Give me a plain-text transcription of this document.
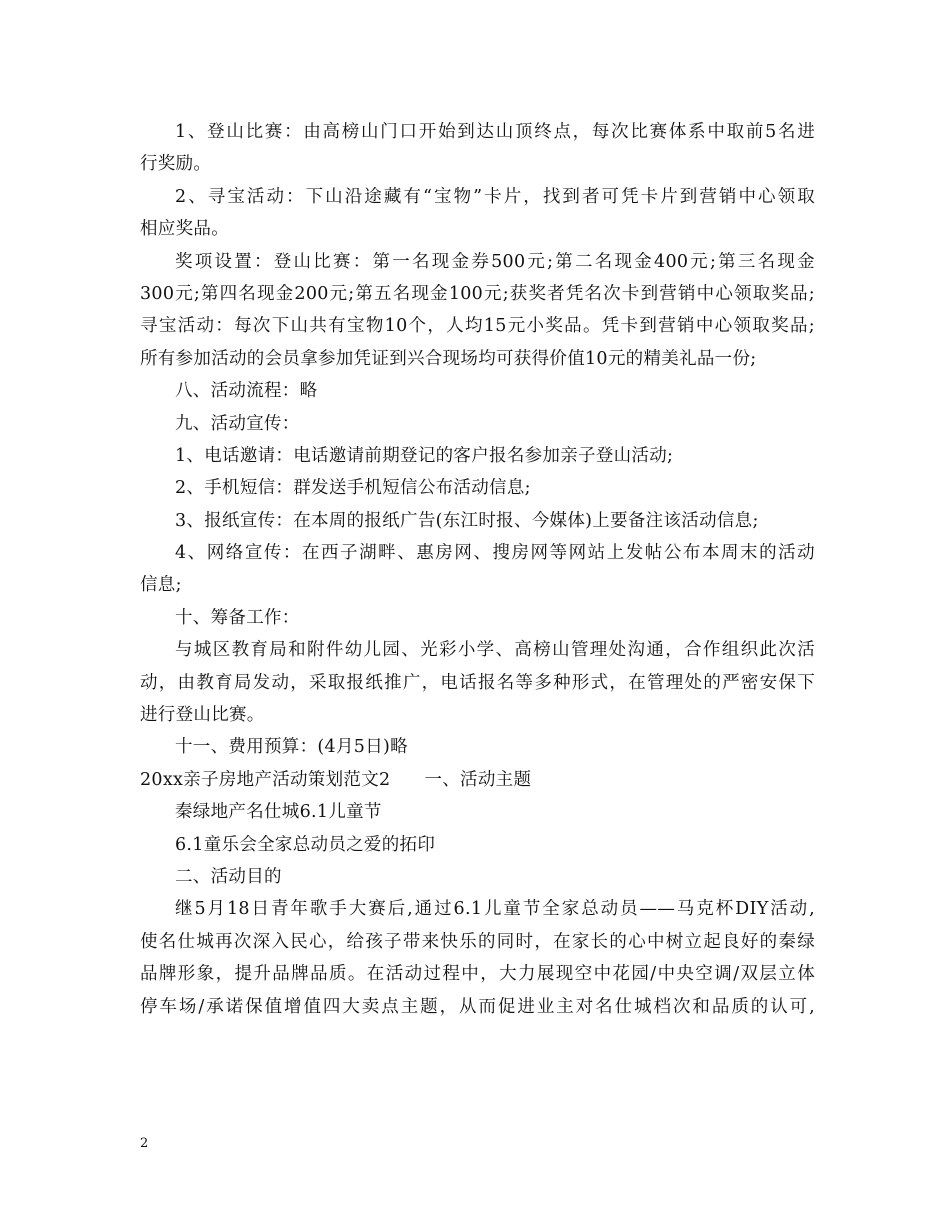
1、登山比赛：由高榜山门口开始到达山顶终点，每次比赛体系中取前5名进
行奖励。
2、寻宝活动：下山沿途藏有“宝物”卡片，找到者可凭卡片到营销中心领取
相应奖品。
奖项设置：登山比赛：第一名现金券500元;第二名现金400元;第三名现金
300元;第四名现金200元;第五名现金100元;获奖者凭名次卡到营销中心领取奖品;
寻宝活动：每次下山共有宝物10个，人均15元小奖品。凭卡到营销中心领取奖品;
所有参加活动的会员拿参加凭证到兴合现场均可获得价值10元的精美礼品一份;
八、活动流程：略
九、活动宣传：
1、电话邀请：电话邀请前期登记的客户报名参加亲子登山活动;
2、手机短信：群发送手机短信公布活动信息;
3、报纸宣传：在本周的报纸广告(东江时报、今媒体)上要备注该活动信息;
4、网络宣传：在西子湖畔、惠房网、搜房网等网站上发帖公布本周末的活动
信息;
十、筹备工作：
与城区教育局和附件幼儿园、光彩小学、高榜山管理处沟通，合作组织此次活
动，由教育局发动，采取报纸推广，电话报名等多种形式，在管理处的严密安保下
进行登山比赛。
十一、费用预算：(4月5日)略
20xx亲子房地产活动策划范文2 一、活动主题
秦绿地产名仕城6.1儿童节
6.1童乐会全家总动员之爱的拓印
二、活动目的
继5月18日青年歌手大赛后,通过6.1儿童节全家总动员——马克杯DIY活动,
使名仕城再次深入民心，给孩子带来快乐的同时，在家长的心中树立起良好的秦绿
品牌形象，提升品牌品质。在活动过程中，大力展现空中花园/中央空调/双层立体
停车场/承诺保值增值四大卖点主题，从而促进业主对名仕城档次和品质的认可,
2
